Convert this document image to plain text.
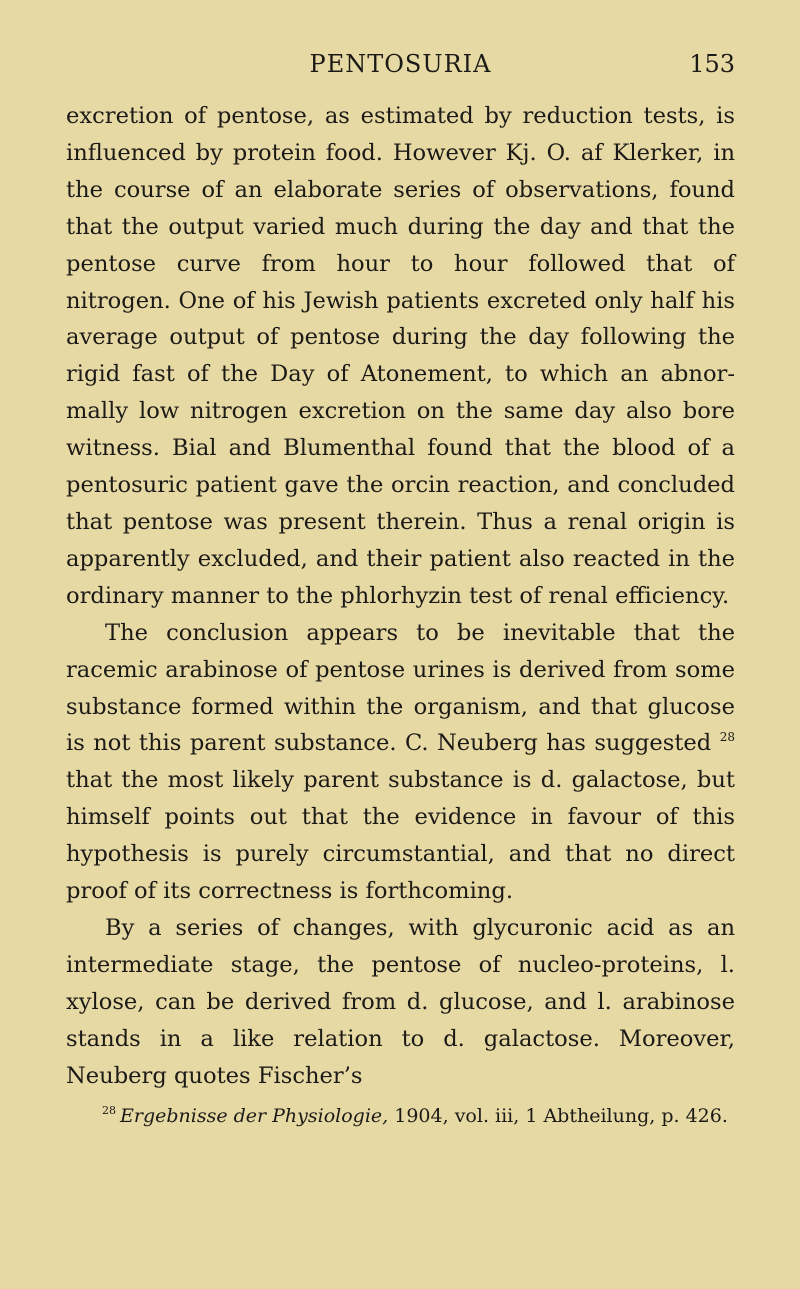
PENTOSURIA	153

excretion of pentose, as estimated by reduction tests, is influenced by protein food. However Kj. O. af Klerker, in the course of an elaborate series of observations, found that the output varied much during the day and that the pentose curve from hour to hour followed that of nitrogen. One of his Jewish patients excreted only half his average output of pentose during the day following the rigid fast of the Day of Atonement, to which an abnormally low nitrogen excretion on the same day also bore witness. Bial and Blumenthal found that the blood of a pentosuric patient gave the orcin reaction, and concluded that pentose was present therein. Thus a renal origin is apparently excluded, and their patient also reacted in the ordinary manner to the phlorhyzin test of renal efficiency.

The conclusion appears to be inevitable that the racemic arabinose of pentose urines is derived from some substance formed within the organism, and that glucose is not this parent substance. C. Neuberg has suggested $^{28}$ that the most likely parent substance is d. galactose, but himself points out that the evidence in favour of this hypothesis is purely circumstantial, and that no direct proof of its correctness is forthcoming.

By a series of changes, with glycuronic acid as an intermediate stage, the pentose of nucleo-proteins, l. xylose, can be derived from d. glucose, and l. arabinose stands in a like relation to d. galactose. Moreover, Neuberg quotes Fischer’s

$^{28}$ Ergebnisse der Physiologie, 1904, vol. iii, 1 Abtheilung, p. 426.
